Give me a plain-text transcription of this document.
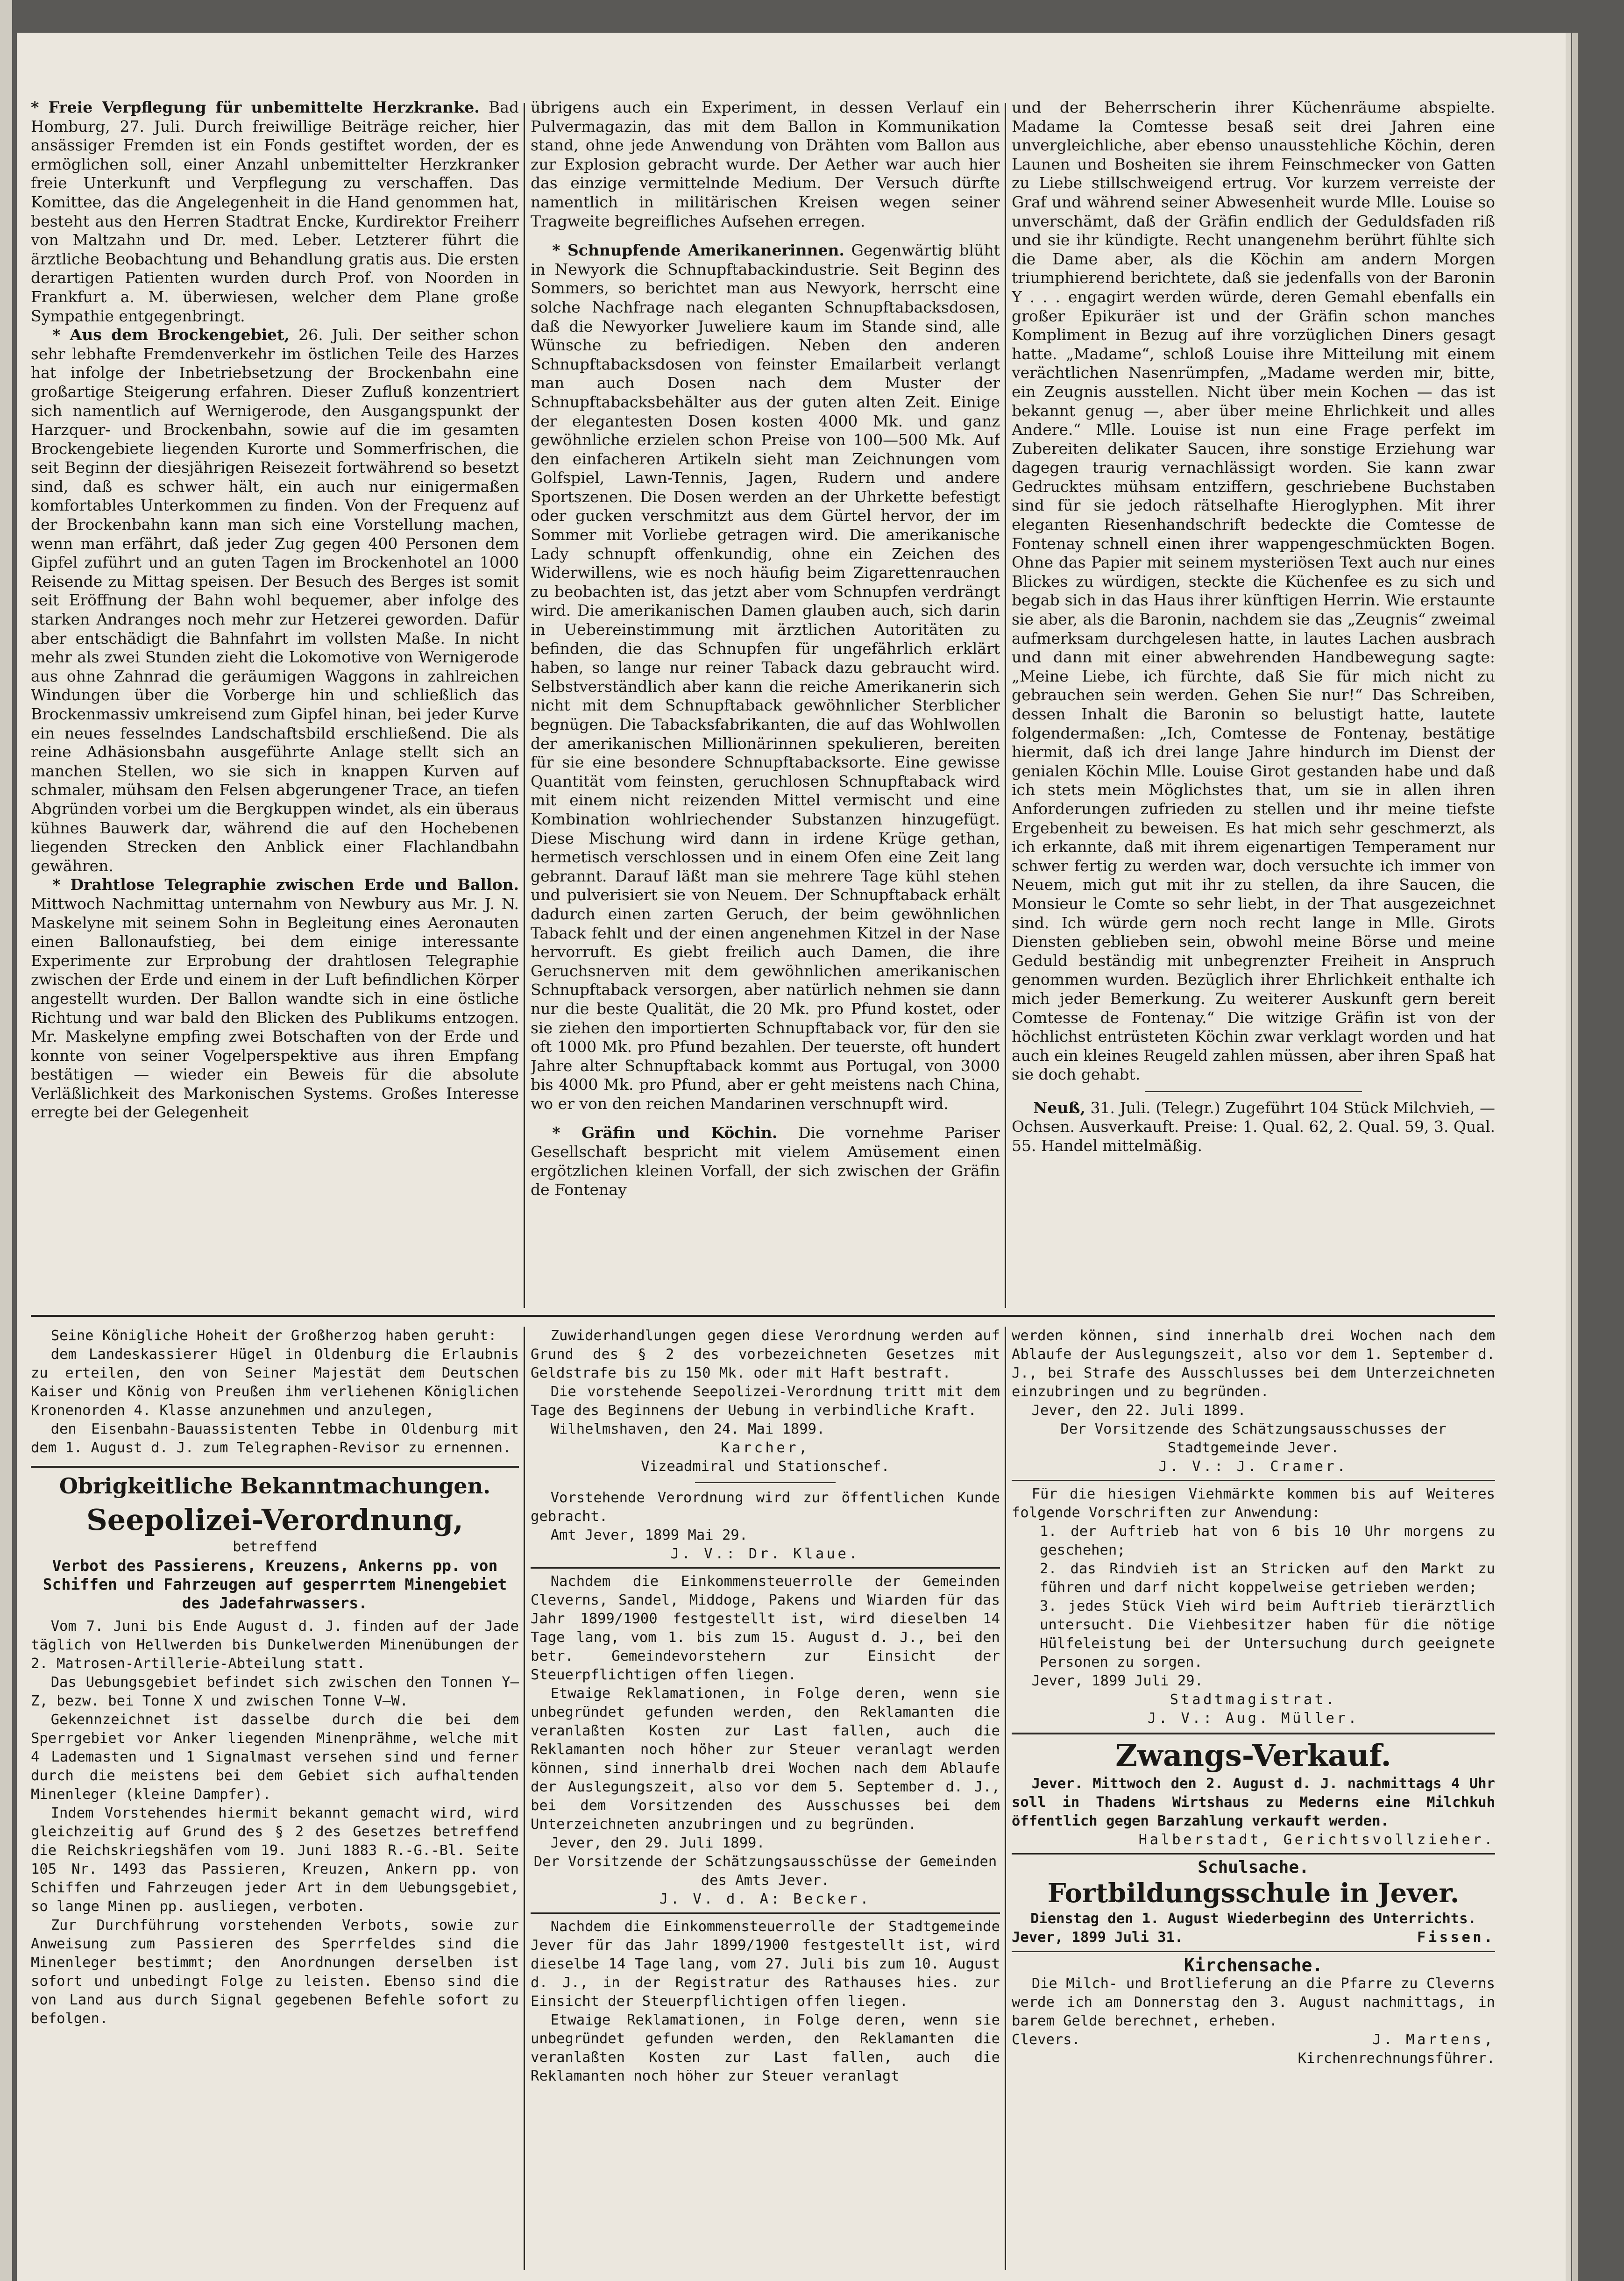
* Freie Verpflegung für unbemittelte Herzkranke. Bad Homburg, 27. Juli. Durch freiwillige Beiträge reicher, hier ansässiger Fremden ist ein Fonds gestiftet worden, der es ermöglichen soll, einer Anzahl unbemittelter Herzkranker freie Unterkunft und Verpflegung zu verschaffen. Das Komittee, das die Angelegenheit in die Hand genommen hat, besteht aus den Herren Stadtrat Encke, Kurdirektor Freiherr von Maltzahn und Dr. med. Leber. Letzterer führt die ärztliche Beobachtung und Behandlung gratis aus. Die ersten derartigen Patienten wurden durch Prof. von Noorden in Frankfurt a. M. überwiesen, welcher dem Plane große Sympathie entgegenbringt.

* Aus dem Brockengebiet, 26. Juli. Der seither schon sehr lebhafte Fremdenverkehr im östlichen Teile des Harzes hat infolge der Inbetriebsetzung der Brockenbahn eine großartige Steigerung erfahren. Dieser Zufluß konzentriert sich namentlich auf Wernigerode, den Ausgangspunkt der Harzquer- und Brockenbahn, sowie auf die im gesamten Brockengebiete liegenden Kurorte und Sommerfrischen, die seit Beginn der diesjährigen Reisezeit fortwährend so besetzt sind, daß es schwer hält, ein auch nur einigermaßen komfortables Unterkommen zu finden. Von der Frequenz auf der Brockenbahn kann man sich eine Vorstellung machen, wenn man erfährt, daß jeder Zug gegen 400 Personen dem Gipfel zuführt und an guten Tagen im Brockenhotel an 1000 Reisende zu Mittag speisen. Der Besuch des Berges ist somit seit Eröffnung der Bahn wohl bequemer, aber infolge des starken Andranges noch mehr zur Hetzerei geworden. Dafür aber entschädigt die Bahnfahrt im vollsten Maße. In nicht mehr als zwei Stunden zieht die Lokomotive von Wernigerode aus ohne Zahnrad die geräumigen Waggons in zahlreichen Windungen über die Vorberge hin und schließlich das Brockenmassiv umkreisend zum Gipfel hinan, bei jeder Kurve ein neues fesselndes Landschaftsbild erschließend. Die als reine Adhäsionsbahn ausgeführte Anlage stellt sich an manchen Stellen, wo sie sich in knappen Kurven auf schmaler, mühsam den Felsen abgerungener Trace, an tiefen Abgründen vorbei um die Bergkuppen windet, als ein überaus kühnes Bauwerk dar, während die auf den Hochebenen liegenden Strecken den Anblick einer Flachlandbahn gewähren.

* Drahtlose Telegraphie zwischen Erde und Ballon. Mittwoch Nachmittag unternahm von Newbury aus Mr. J. N. Maskelyne mit seinem Sohn in Begleitung eines Aeronauten einen Ballonaufstieg, bei dem einige interessante Experimente zur Erprobung der drahtlosen Telegraphie zwischen der Erde und einem in der Luft befindlichen Körper angestellt wurden. Der Ballon wandte sich in eine östliche Richtung und war bald den Blicken des Publikums entzogen. Mr. Maskelyne empfing zwei Botschaften von der Erde und konnte von seiner Vogelperspektive aus ihren Empfang bestätigen — wieder ein Beweis für die absolute Verläßlichkeit des Markonischen Systems. Großes Interesse erregte bei der Gelegenheit

übrigens auch ein Experiment, in dessen Verlauf ein Pulvermagazin, das mit dem Ballon in Kommunikation stand, ohne jede Anwendung von Drähten vom Ballon aus zur Explosion gebracht wurde. Der Aether war auch hier das einzige vermittelnde Medium. Der Versuch dürfte namentlich in militärischen Kreisen wegen seiner Tragweite begreifliches Aufsehen erregen.

* Schnupfende Amerikanerinnen. Gegenwärtig blüht in Newyork die Schnupftabackindustrie. Seit Beginn des Sommers, so berichtet man aus Newyork, herrscht eine solche Nachfrage nach eleganten Schnupftabacksdosen, daß die Newyorker Juweliere kaum im Stande sind, alle Wünsche zu befriedigen. Neben den anderen Schnupftabacksdosen von feinster Emailarbeit verlangt man auch Dosen nach dem Muster der Schnupftabacksbehälter aus der guten alten Zeit. Einige der elegantesten Dosen kosten 4000 Mk. und ganz gewöhnliche erzielen schon Preise von 100—500 Mk. Auf den einfacheren Artikeln sieht man Zeichnungen vom Golfspiel, Lawn-Tennis, Jagen, Rudern und andere Sportszenen. Die Dosen werden an der Uhrkette befestigt oder gucken verschmitzt aus dem Gürtel hervor, der im Sommer mit Vorliebe getragen wird. Die amerikanische Lady schnupft offenkundig, ohne ein Zeichen des Widerwillens, wie es noch häufig beim Zigarettenrauchen zu beobachten ist, das jetzt aber vom Schnupfen verdrängt wird. Die amerikanischen Damen glauben auch, sich darin in Uebereinstimmung mit ärztlichen Autoritäten zu befinden, die das Schnupfen für ungefährlich erklärt haben, so lange nur reiner Taback dazu gebraucht wird. Selbstverständlich aber kann die reiche Amerikanerin sich nicht mit dem Schnupftaback gewöhnlicher Sterblicher begnügen. Die Tabacksfabrikanten, die auf das Wohlwollen der amerikanischen Millionärinnen spekulieren, bereiten für sie eine besondere Schnupftabacksorte. Eine gewisse Quantität vom feinsten, geruchlosen Schnupftaback wird mit einem nicht reizenden Mittel vermischt und eine Kombination wohlriechender Substanzen hinzugefügt. Diese Mischung wird dann in irdene Krüge gethan, hermetisch verschlossen und in einem Ofen eine Zeit lang gebrannt. Darauf läßt man sie mehrere Tage kühl stehen und pulverisiert sie von Neuem. Der Schnupftaback erhält dadurch einen zarten Geruch, der beim gewöhnlichen Taback fehlt und der einen angenehmen Kitzel in der Nase hervorruft. Es giebt freilich auch Damen, die ihre Geruchsnerven mit dem gewöhnlichen amerikanischen Schnupftaback versorgen, aber natürlich nehmen sie dann nur die beste Qualität, die 20 Mk. pro Pfund kostet, oder sie ziehen den importierten Schnupftaback vor, für den sie oft 1000 Mk. pro Pfund bezahlen. Der teuerste, oft hundert Jahre alter Schnupftaback kommt aus Portugal, von 3000 bis 4000 Mk. pro Pfund, aber er geht meistens nach China, wo er von den reichen Mandarinen verschnupft wird.

* Gräfin und Köchin. Die vornehme Pariser Gesellschaft bespricht mit vielem Amüsement einen ergötzlichen kleinen Vorfall, der sich zwischen der Gräfin de Fontenay

und der Beherrscherin ihrer Küchenräume abspielte. Madame la Comtesse besaß seit drei Jahren eine unvergleichliche, aber ebenso unausstehliche Köchin, deren Launen und Bosheiten sie ihrem Feinschmecker von Gatten zu Liebe stillschweigend ertrug. Vor kurzem verreiste der Graf und während seiner Abwesenheit wurde Mlle. Louise so unverschämt, daß der Gräfin endlich der Geduldsfaden riß und sie ihr kündigte. Recht unangenehm berührt fühlte sich die Dame aber, als die Köchin am andern Morgen triumphierend berichtete, daß sie jedenfalls von der Baronin Y . . . engagirt werden würde, deren Gemahl ebenfalls ein großer Epikuräer ist und der Gräfin schon manches Kompliment in Bezug auf ihre vorzüglichen Diners gesagt hatte. „Madame“, schloß Louise ihre Mitteilung mit einem verächtlichen Nasenrümpfen, „Madame werden mir, bitte, ein Zeugnis ausstellen. Nicht über mein Kochen — das ist bekannt genug —, aber über meine Ehrlichkeit und alles Andere.“ Mlle. Louise ist nun eine Frage perfekt im Zubereiten delikater Saucen, ihre sonstige Erziehung war dagegen traurig vernachlässigt worden. Sie kann zwar Gedrucktes mühsam entziffern, geschriebene Buchstaben sind für sie jedoch rätselhafte Hieroglyphen. Mit ihrer eleganten Riesenhandschrift bedeckte die Comtesse de Fontenay schnell einen ihrer wappengeschmückten Bogen. Ohne das Papier mit seinem mysteriösen Text auch nur eines Blickes zu würdigen, steckte die Küchenfee es zu sich und begab sich in das Haus ihrer künftigen Herrin. Wie erstaunte sie aber, als die Baronin, nachdem sie das „Zeugnis“ zweimal aufmerksam durchgelesen hatte, in lautes Lachen ausbrach und dann mit einer abwehrenden Handbewegung sagte: „Meine Liebe, ich fürchte, daß Sie für mich nicht zu gebrauchen sein werden. Gehen Sie nur!“ Das Schreiben, dessen Inhalt die Baronin so belustigt hatte, lautete folgendermaßen: „Ich, Comtesse de Fontenay, bestätige hiermit, daß ich drei lange Jahre hindurch im Dienst der genialen Köchin Mlle. Louise Girot gestanden habe und daß ich stets mein Möglichstes that, um sie in allen ihren Anforderungen zufrieden zu stellen und ihr meine tiefste Ergebenheit zu beweisen. Es hat mich sehr geschmerzt, als ich erkannte, daß mit ihrem eigenartigen Temperament nur schwer fertig zu werden war, doch versuchte ich immer von Neuem, mich gut mit ihr zu stellen, da ihre Saucen, die Monsieur le Comte so sehr liebt, in der That ausgezeichnet sind. Ich würde gern noch recht lange in Mlle. Girots Diensten geblieben sein, obwohl meine Börse und meine Geduld beständig mit unbegrenzter Freiheit in Anspruch genommen wurden. Bezüglich ihrer Ehrlichkeit enthalte ich mich jeder Bemerkung. Zu weiterer Auskunft gern bereit Comtesse de Fontenay.“ Die witzige Gräfin ist von der höchlichst entrüsteten Köchin zwar verklagt worden und hat auch ein kleines Reugeld zahlen müssen, aber ihren Spaß hat sie doch gehabt.

Neuß, 31. Juli. (Telegr.) Zugeführt 104 Stück Milchvieh, — Ochsen. Ausverkauft. Preise: 1. Qual. 62, 2. Qual. 59, 3. Qual. 55. Handel mittelmäßig.

Seine Königliche Hoheit der Großherzog haben geruht:

dem Landeskassierer Hügel in Oldenburg die Erlaubnis zu erteilen, den von Seiner Majestät dem Deutschen Kaiser und König von Preußen ihm verliehenen Königlichen Kronenorden 4. Klasse anzunehmen und anzulegen,

den Eisenbahn-Bauassistenten Tebbe in Oldenburg mit dem 1. August d. J. zum Telegraphen-Revisor zu ernennen.

Obrigkeitliche Bekanntmachungen.
Seepolizei-Verordnung,
betreffend
Verbot des Passierens, Kreuzens, Ankerns pp. von Schiffen und Fahrzeugen auf gesperrtem Minengebiet des Jadefahrwassers.

Vom 7. Juni bis Ende August d. J. finden auf der Jade täglich von Hellwerden bis Dunkelwerden Minenübungen der 2. Matrosen-Artillerie-Abteilung statt.

Das Uebungsgebiet befindet sich zwischen den Tonnen Y—Z, bezw. bei Tonne X und zwischen Tonne V—W.

Gekennzeichnet ist dasselbe durch die bei dem Sperrgebiet vor Anker liegenden Minenprähme, welche mit 4 Lademasten und 1 Signalmast versehen sind und ferner durch die meistens bei dem Gebiet sich aufhaltenden Minenleger (kleine Dampfer).

Indem Vorstehendes hiermit bekannt gemacht wird, wird gleichzeitig auf Grund des § 2 des Gesetzes betreffend die Reichskriegshäfen vom 19. Juni 1883 R.-G.-Bl. Seite 105 Nr. 1493 das Passieren, Kreuzen, Ankern pp. von Schiffen und Fahrzeugen jeder Art in dem Uebungsgebiet, so lange Minen pp. ausliegen, verboten.

Zur Durchführung vorstehenden Verbots, sowie zur Anweisung zum Passieren des Sperrfeldes sind die Minenleger bestimmt; den Anordnungen derselben ist sofort und unbedingt Folge zu leisten. Ebenso sind die von Land aus durch Signal gegebenen Befehle sofort zu befolgen.

Zuwiderhandlungen gegen diese Verordnung werden auf Grund des § 2 des vorbezeichneten Gesetzes mit Geldstrafe bis zu 150 Mk. oder mit Haft bestraft.

Die vorstehende Seepolizei-Verordnung tritt mit dem Tage des Beginnens der Uebung in verbindliche Kraft.

Wilhelmshaven, den 24. Mai 1899.

Karcher,
Vizeadmiral und Stationschef.

Vorstehende Verordnung wird zur öffentlichen Kunde gebracht.

Amt Jever, 1899 Mai 29.

J. V.: Dr. Klaue.

Nachdem die Einkommensteuerrolle der Gemeinden Cleverns, Sandel, Middoge, Pakens und Wiarden für das Jahr 1899/1900 festgestellt ist, wird dieselben 14 Tage lang, vom 1. bis zum 15. August d. J., bei den betr. Gemeindevorstehern zur Einsicht der Steuerpflichtigen offen liegen.

Etwaige Reklamationen, in Folge deren, wenn sie unbegründet gefunden werden, den Reklamanten die veranlaßten Kosten zur Last fallen, auch die Reklamanten noch höher zur Steuer veranlagt werden können, sind innerhalb drei Wochen nach dem Ablaufe der Auslegungszeit, also vor dem 5. September d. J., bei dem Vorsitzenden des Ausschusses bei dem Unterzeichneten anzubringen und zu begründen.

Jever, den 29. Juli 1899.

Der Vorsitzende der Schätzungsausschüsse der Gemeinden des Amts Jever.
J. V. d. A: Becker.

Nachdem die Einkommensteuerrolle der Stadtgemeinde Jever für das Jahr 1899/1900 festgestellt ist, wird dieselbe 14 Tage lang, vom 27. Juli bis zum 10. August d. J., in der Registratur des Rathauses hies. zur Einsicht der Steuerpflichtigen offen liegen.

Etwaige Reklamationen, in Folge deren, wenn sie unbegründet gefunden werden, den Reklamanten die veranlaßten Kosten zur Last fallen, auch die Reklamanten noch höher zur Steuer veranlagt

werden können, sind innerhalb drei Wochen nach dem Ablaufe der Auslegungszeit, also vor dem 1. September d. J., bei Strafe des Ausschlusses bei dem Unterzeichneten einzubringen und zu begründen.

Jever, den 22. Juli 1899.

Der Vorsitzende des Schätzungsausschusses der Stadtgemeinde Jever.
J. V.: J. Cramer.

Für die hiesigen Viehmärkte kommen bis auf Weiteres folgende Vorschriften zur Anwendung:

1. der Auftrieb hat von 6 bis 10 Uhr morgens zu geschehen;
2. das Rindvieh ist an Stricken auf den Markt zu führen und darf nicht koppelweise getrieben werden;
3. jedes Stück Vieh wird beim Auftrieb tierärztlich untersucht. Die Viehbesitzer haben für die nötige Hülfeleistung bei der Untersuchung durch geeignete Personen zu sorgen.

Jever, 1899 Juli 29.

Stadtmagistrat.
J. V.: Aug. Müller.
Zwangs-Verkauf.

Jever. Mittwoch den 2. August d. J. nachmittags 4 Uhr soll in Thadens Wirtshaus zu Mederns eine Milchkuh öffentlich gegen Barzahlung verkauft werden.

Halberstadt, Gerichtsvollzieher.
Schulsache.
Fortbildungsschule in Jever.

Dienstag den 1. August Wiederbeginn des Unterrichts.

Jever, 1899 Juli 31.	Fissen.
Kirchensache.

Die Milch- und Brotlieferung an die Pfarre zu Cleverns werde ich am Donnerstag den 3. August nachmittags, in barem Gelde berechnet, erheben.

Clevers.	J. Martens,
Kirchenrechnungsführer.
